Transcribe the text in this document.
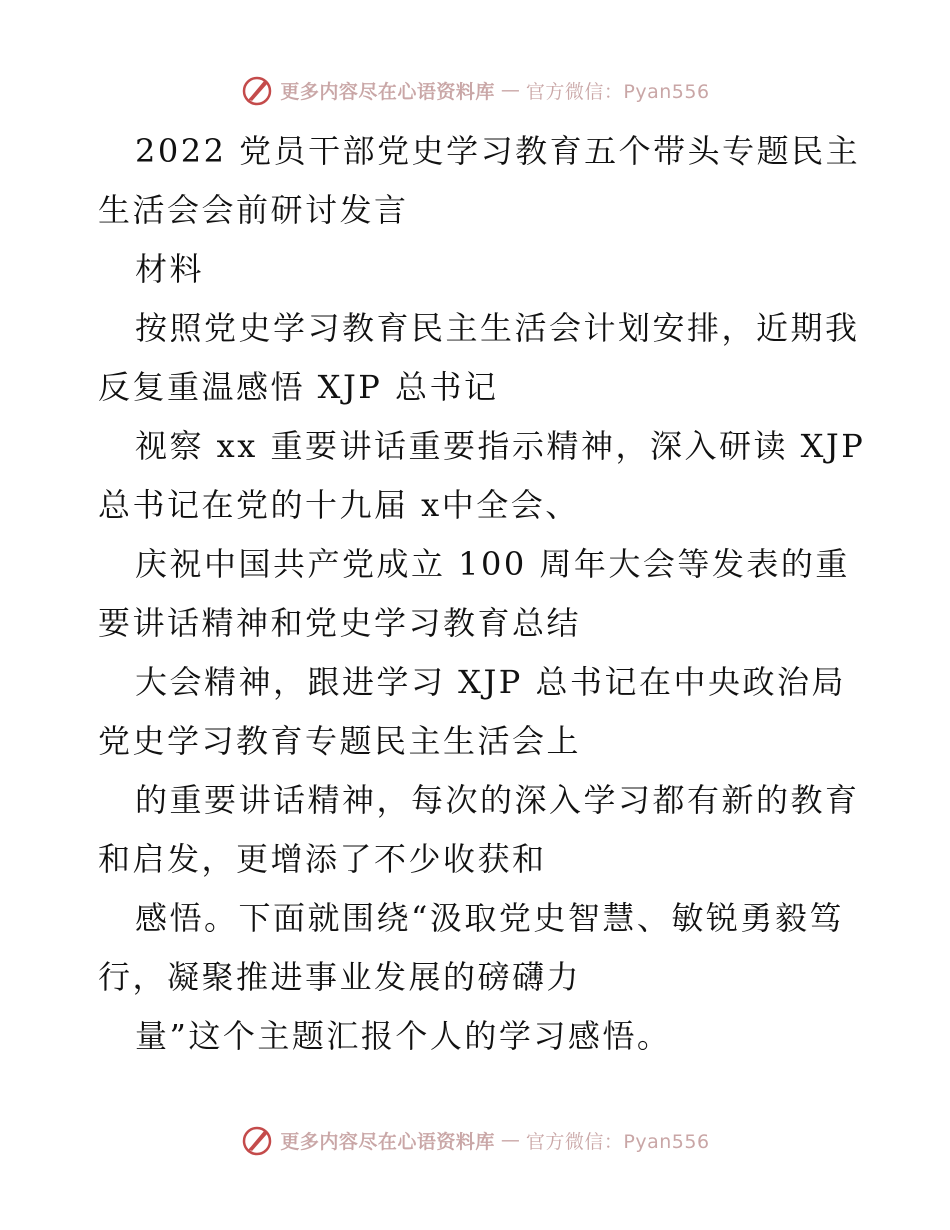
更多内容尽在心语资料库 — 官方微信：Pyan556

2022 党员干部党史学习教育五个带头专题民主
生活会会前研讨发言
材料
按照党史学习教育民主生活会计划安排，近期我
反复重温感悟 XJP 总书记
视察 xx 重要讲话重要指示精神，深入研读 XJP
总书记在党的十九届 x中全会、
庆祝中国共产党成立 100 周年大会等发表的重
要讲话精神和党史学习教育总结
大会精神，跟进学习 XJP 总书记在中央政治局
党史学习教育专题民主生活会上
的重要讲话精神，每次的深入学习都有新的教育
和启发，更增添了不少收获和
感悟。下面就围绕“汲取党史智慧、敏锐勇毅笃
行，凝聚推进事业发展的磅礴力
量”这个主题汇报个人的学习感悟。

更多内容尽在心语资料库 — 官方微信：Pyan556
